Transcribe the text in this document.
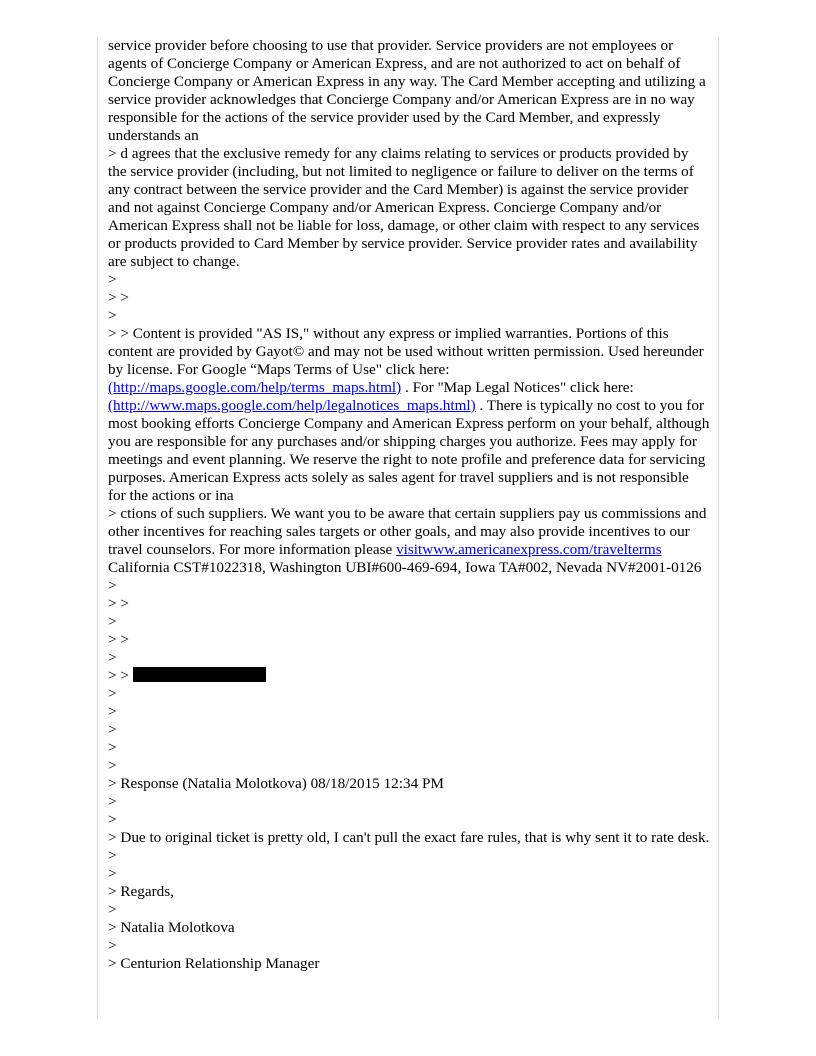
service provider before choosing to use that provider. Service providers are not employees or agents of Concierge Company or American Express, and are not authorized to act on behalf of Concierge Company or American Express in any way. The Card Member accepting and utilizing a service provider acknowledges that Concierge Company and/or American Express are in no way responsible for the actions of the service provider used by the Card Member, and expressly understands an

> d agrees that the exclusive remedy for any claims relating to services or products provided by the service provider (including, but not limited to negligence or failure to deliver on the terms of any contract between the service provider and the Card Member) is against the service provider and not against Concierge Company and/or American Express. Concierge Company and/or American Express shall not be liable for loss, damage, or other claim with respect to any services or products provided to Card Member by service provider. Service provider rates and availability are subject to change.

>

> >

>

> > Content is provided "AS IS," without any express or implied warranties. Portions of this content are provided by Gayot© and may not be used without written permission. Used hereunder by license. For Google “Maps Terms of Use" click here: (http://maps.google.com/help/terms_maps.html) . For "Map Legal Notices" click here: (http://www.maps.google.com/help/legalnotices_maps.html) . There is typically no cost to you for most booking efforts Concierge Company and American Express perform on your behalf, although you are responsible for any purchases and/or shipping charges you authorize. Fees may apply for meetings and event planning. We reserve the right to note profile and preference data for servicing purposes. American Express acts solely as sales agent for travel suppliers and is not responsible for the actions or ina

> ctions of such suppliers. We want you to be aware that certain suppliers pay us commissions and other incentives for reaching sales targets or other goals, and may also provide incentives to our travel counselors. For more information please visitwww.americanexpress.com/travelterms California CST#1022318, Washington UBI#600-469-694, Iowa TA#002, Nevada NV#2001-0126

>

> >

>

> >

>

> >

>

>

>

>

>

> Response (Natalia Molotkova) 08/18/2015 12:34 PM

>

>

> Due to original ticket is pretty old, I can't pull the exact fare rules, that is why sent it to rate desk.

>

>

> Regards,

>

> Natalia Molotkova

>

> Centurion Relationship Manager
